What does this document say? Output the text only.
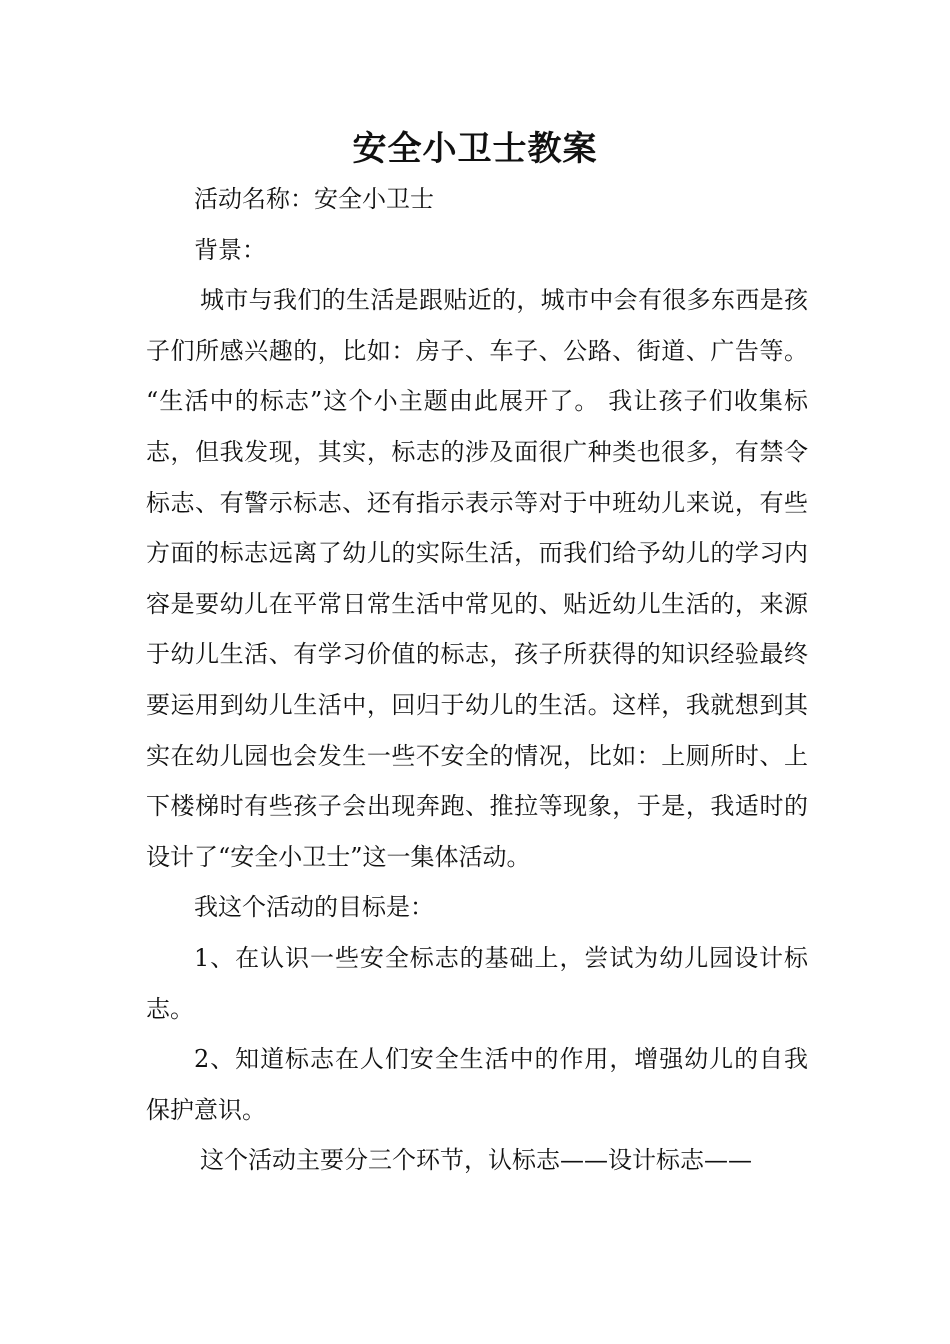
安全小卫士教案

活动名称：安全小卫士

背景：

城市与我们的生活是跟贴近的，城市中会有很多东西是孩子们所感兴趣的，比如：房子、车子、公路、街道、广告等。 “生活中的标志”这个小主题由此展开了。 我让孩子们收集标志，但我发现，其实，标志的涉及面很广种类也很多，有禁令标志、有警示标志、还有指示表示等对于中班幼儿来说，有些方面的标志远离了幼儿的实际生活，而我们给予幼儿的学习内容是要幼儿在平常日常生活中常见的、贴近幼儿生活的，来源于幼儿生活、有学习价值的标志，孩子所获得的知识经验最终要运用到幼儿生活中，回归于幼儿的生活。这样，我就想到其实在幼儿园也会发生一些不安全的情况，比如：上厕所时、上下楼梯时有些孩子会出现奔跑、推拉等现象，于是，我适时的设计了“安全小卫士”这一集体活动。

我这个活动的目标是：

1、在认识一些安全标志的基础上，尝试为幼儿园设计标志。

2、知道标志在人们安全生活中的作用，增强幼儿的自我保护意识。

这个活动主要分三个环节，认标志——设计标志——
